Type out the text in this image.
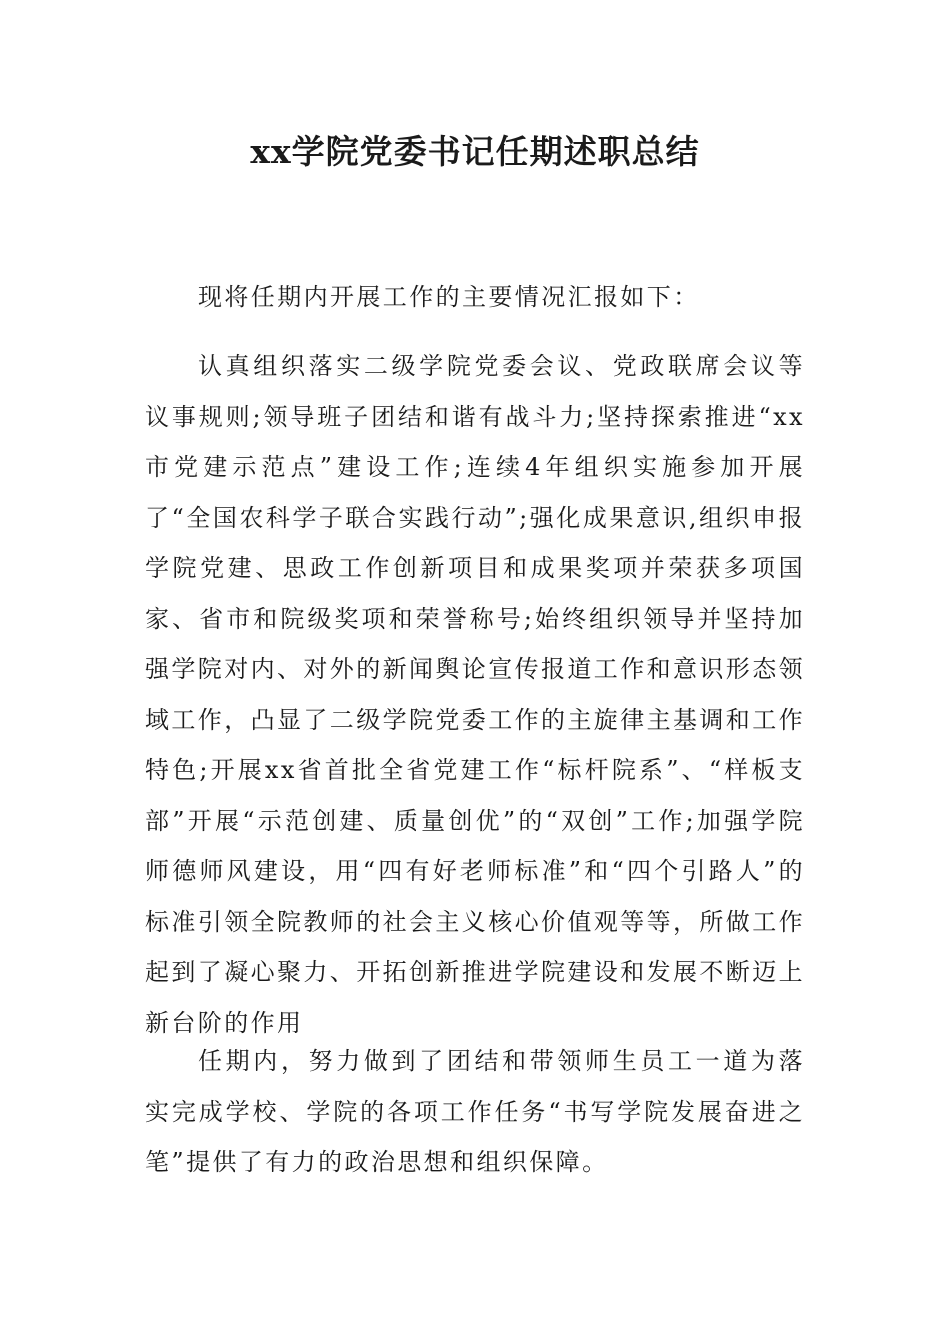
xx学院党委书记任期述职总结

现将任期内开展工作的主要情况汇报如下：

认真组织落实二级学院党委会议、党政联席会议等议事规则;领导班子团结和谐有战斗力;坚持探索推进“xx市党建示范点”建设工作;连续4年组织实施参加开展了“全国农科学子联合实践行动”;强化成果意识,组织申报学院党建、思政工作创新项目和成果奖项并荣获多项国家、省市和院级奖项和荣誉称号;始终组织领导并坚持加强学院对内、对外的新闻舆论宣传报道工作和意识形态领域工作，凸显了二级学院党委工作的主旋律主基调和工作特色;开展xx省首批全省党建工作“标杆院系”、“样板支部”开展“示范创建、质量创优”的“双创”工作;加强学院师德师风建设，用“四有好老师标准”和“四个引路人”的标准引领全院教师的社会主义核心价值观等等，所做工作起到了凝心聚力、开拓创新推进学院建设和发展不断迈上新台阶的作用

任期内，努力做到了团结和带领师生员工一道为落实完成学校、学院的各项工作任务“书写学院发展奋进之笔”提供了有力的政治思想和组织保障。
